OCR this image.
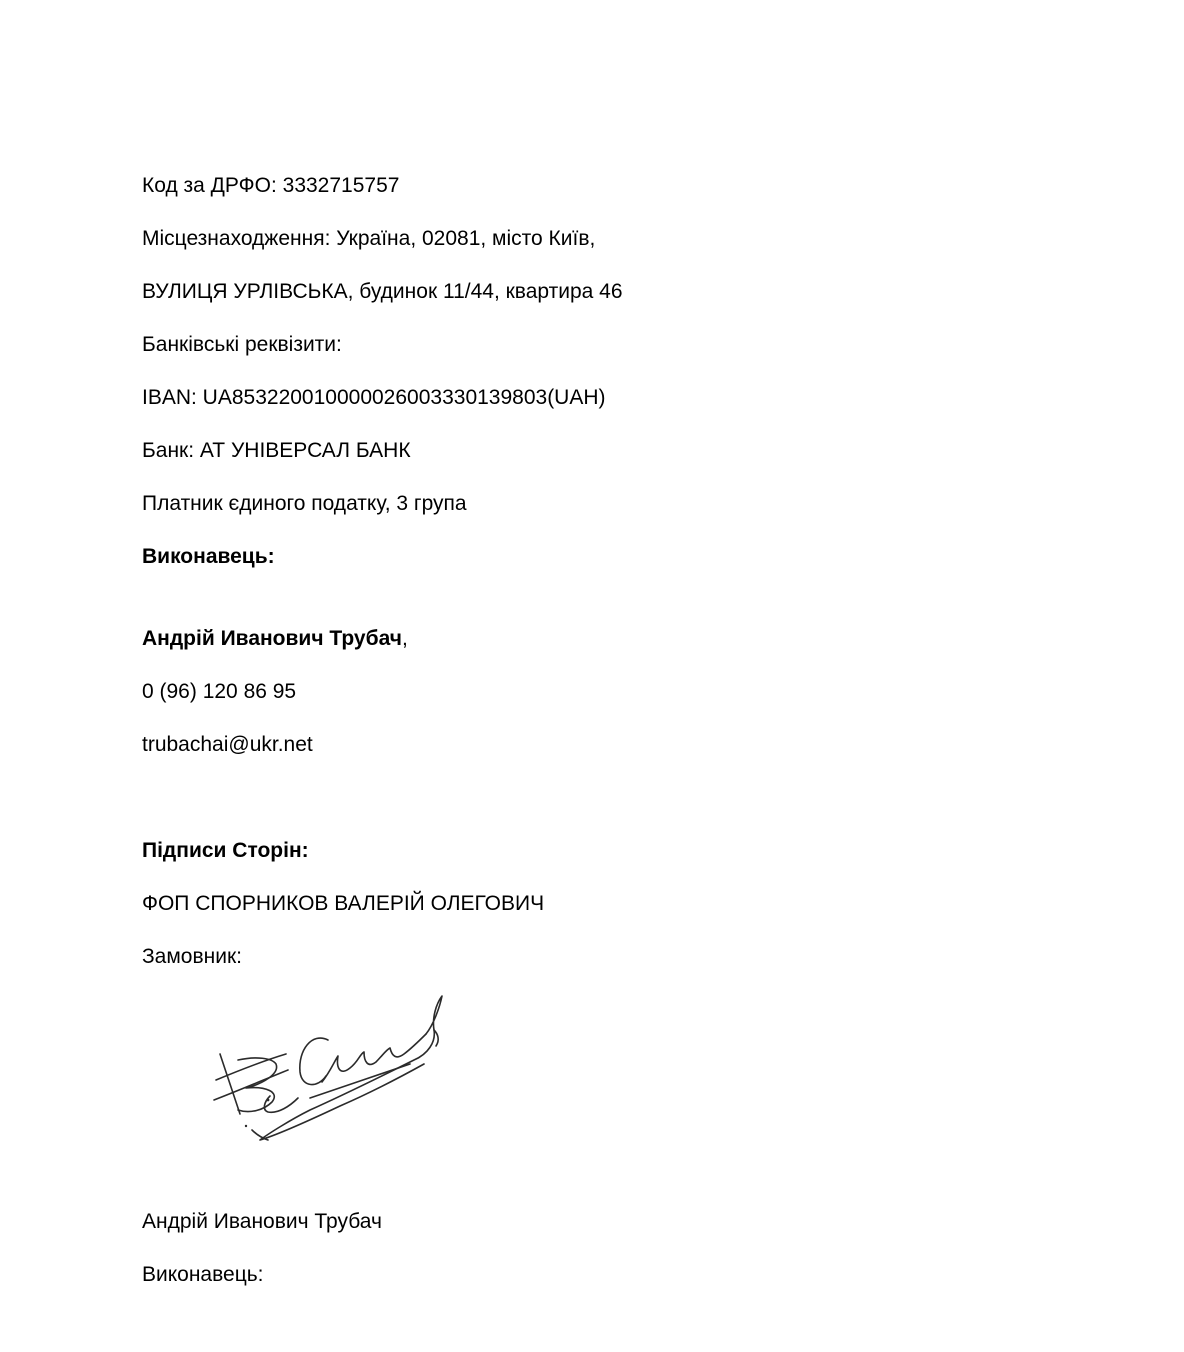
Код за ДРФО: 3332715757

Місцезнаходження: Україна, 02081, місто Київ,

ВУЛИЦЯ УРЛІВСЬКА, будинок 11/44, квартира 46

Банківські реквізити:

IBAN: UA853220010000026003330139803(UAH)

Банк: АТ УНІВЕРСАЛ БАНК

Платник єдиного податку, 3 група

Виконавець:

Андрій Иванович Трубач,

0 (96) 120 86 95

trubachai@ukr.net

Підписи Сторін:

ФОП СПОРНИКОВ ВАЛЕРІЙ ОЛЕГОВИЧ

Замовник:

Андрій Иванович Трубач

Виконавець:
